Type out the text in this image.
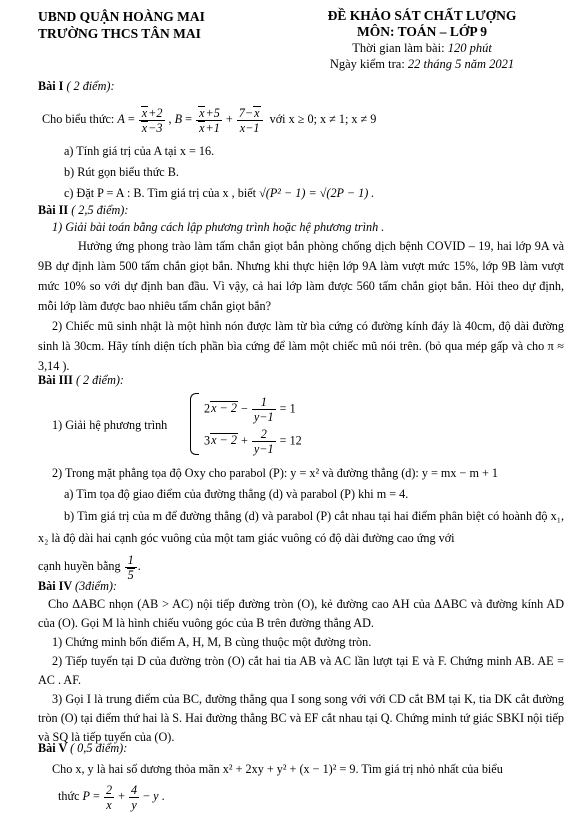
UBND QUẬN HOÀNG MAI
TRƯỜNG THCS TÂN MAI
ĐỀ KHẢO SÁT CHẤT LƯỢNG
MÔN: TOÁN – LỚP 9
Thời gian làm bài: 120 phút
Ngày kiểm tra: 22 tháng 5 năm 2021
Bài I ( 2 điểm):
Cho biểu thức: $A = \frac{x+2}{x-3}$ , $B = \frac{x+5}{x+1} + \frac{7-x}{x-1}$ với x ≥ 0; x ≠ 1; x ≠ 9
a) Tính giá trị của A tại x = 16.
b) Rút gọn biểu thức B.
c) Đặt P = A : B. Tìm giá trị của x , biết √(P² − 1) = √(2P − 1) .
Bài II ( 2,5 điểm):
1) Giải bài toán bằng cách lập phương trình hoặc hệ phương trình .
Hưởng ứng phong trào làm tấm chắn giọt bắn phòng chống dịch bệnh COVID – 19, hai lớp 9A và 9B dự định làm 500 tấm chắn giọt bắn. Nhưng khi thực hiện lớp 9A làm vượt mức 15%, lớp 9B làm vượt mức 10% so với dự định ban đầu. Vì vậy, cả hai lớp làm được 560 tấm chắn giọt bắn. Hỏi theo dự định, mỗi lớp làm được bao nhiêu tấm chắn giọt bắn?
2) Chiếc mũ sinh nhật là một hình nón được làm từ bìa cứng có đường kính đáy là 40cm, độ dài đường sinh là 30cm. Hãy tính diện tích phần bìa cứng để làm một chiếc mũ nói trên. (bỏ qua mép gấp và cho π ≈ 3,14 ).
Bài III ( 2 điểm):
1) Giải hệ phương trình
$2x - 2 - \frac{1}{y-1} = 1$
$3x - 2 + \frac{2}{y-1} = 12$
2) Trong mặt phẳng tọa độ Oxy cho parabol (P): y = x² và đường thẳng (d): y = mx − m + 1
a) Tìm tọa độ giao điểm của đường thẳng (d) và parabol (P) khi m = 4.
b) Tìm giá trị của m để đường thẳng (d) và parabol (P) cắt nhau tại hai điểm phân biệt có hoành độ x₁, x₂ là độ dài hai cạnh góc vuông của một tam giác vuông có độ dài đường cao ứng với
cạnh huyền bằng $\frac{1}{5}$ .
Bài IV (3điểm):
Cho ΔABC nhọn (AB > AC) nội tiếp đường tròn (O), kẻ đường cao AH của ΔABC và đường kính AD của (O). Gọi M là hình chiếu vuông góc của B trên đường thẳng AD.
1) Chứng minh bốn điểm A, H, M, B cùng thuộc một đường tròn.
2) Tiếp tuyến tại D của đường tròn (O) cắt hai tia AB và AC lần lượt tại E và F. Chứng minh AB. AE = AC . AF.
3) Gọi I là trung điểm của BC, đường thẳng qua I song song với với CD cắt BM tại K, tia DK cắt đường tròn (O) tại điểm thứ hai là S. Hai đường thẳng BC và EF cắt nhau tại Q. Chứng minh tứ giác SBKI nội tiếp và SQ là tiếp tuyến của (O).
Bài V ( 0,5 điểm):
Cho x, y là hai số dương thỏa mãn x² + 2xy + y² + (x − 1)² = 9. Tìm giá trị nhỏ nhất của biểu
thức $P = \frac{2}{x} + \frac{4}{y} - y$ .
